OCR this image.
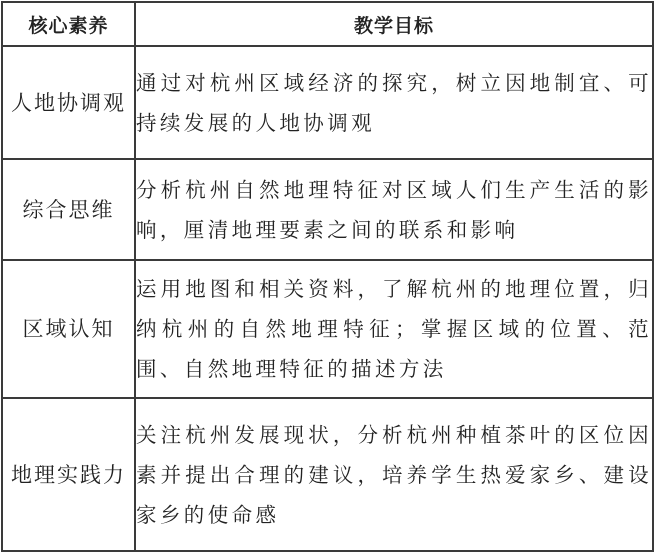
核心素养	教学目标
人地协调观	通过对杭州区域经济的探究，树立因地制宜、可持续发展的人地协调观
综合思维	分析杭州自然地理特征对区域人们生产生活的影响，厘清地理要素之间的联系和影响
区域认知	运用地图和相关资料，了解杭州的地理位置，归纳杭州的自然地理特征；掌握区域的位置、范围、自然地理特征的描述方法
地理实践力	关注杭州发展现状，分析杭州种植茶叶的区位因素并提出合理的建议，培养学生热爱家乡、建设家乡的使命感
